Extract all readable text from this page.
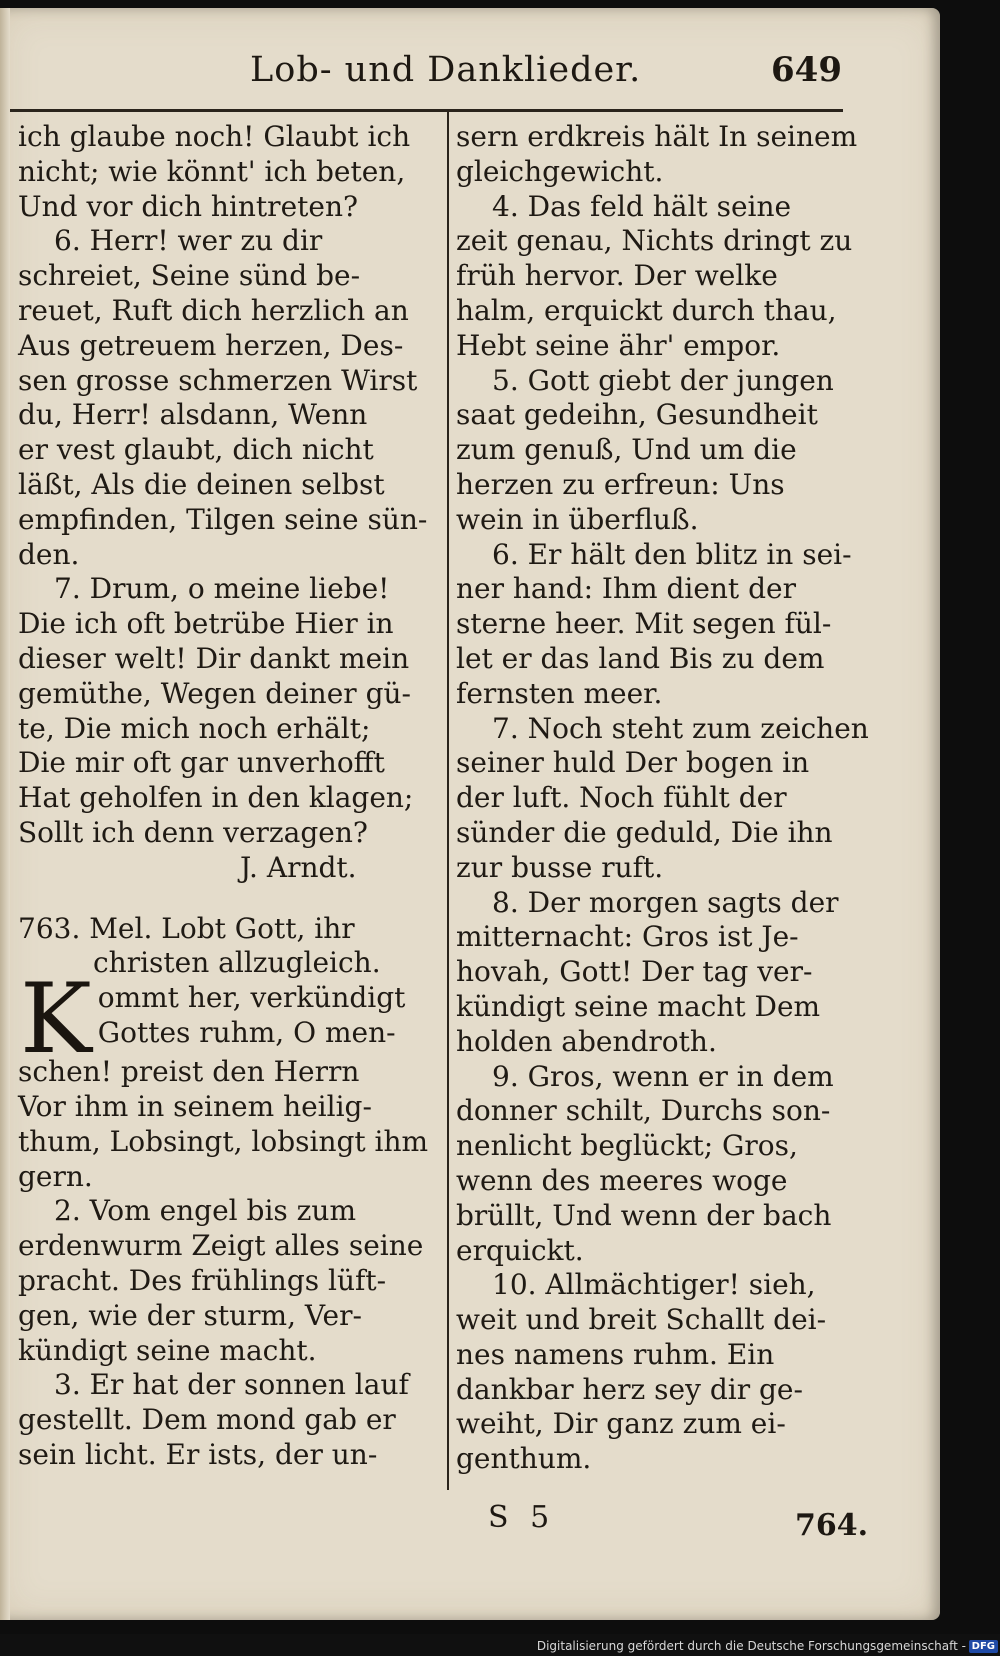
Lob- und Danklieder.	649
ich glaube noch! Glaubt ich
nicht; wie könnt' ich beten,
Und vor dich hintreten?
6. Herr! wer zu dir
schreiet, Seine sünd be-
reuet, Ruft dich herzlich an
Aus getreuem herzen, Des-
sen grosse schmerzen Wirst
du, Herr! alsdann, Wenn
er vest glaubt, dich nicht
läßt, Als die deinen selbst
empfinden, Tilgen seine sün-
den.
7. Drum, o meine liebe!
Die ich oft betrübe Hier in
dieser welt! Dir dankt mein
gemüthe, Wegen deiner gü-
te, Die mich noch erhält;
Die mir oft gar unverhofft
Hat geholfen in den klagen;
Sollt ich denn verzagen?
J. Arndt.
763. Mel. Lobt Gott, ihr
christen allzugleich.
K ommt her, verkündigt
Gottes ruhm, O men-
schen! preist den Herrn
Vor ihm in seinem heilig-
thum, Lobsingt, lobsingt ihm
gern.
2. Vom engel bis zum
erdenwurm Zeigt alles seine
pracht. Des frühlings lüft-
gen, wie der sturm, Ver-
kündigt seine macht.
3. Er hat der sonnen lauf
gestellt. Dem mond gab er
sein licht. Er ists, der un-
sern erdkreis hält In seinem
gleichgewicht.
4. Das feld hält seine
zeit genau, Nichts dringt zu
früh hervor. Der welke
halm, erquickt durch thau,
Hebt seine ähr' empor.
5. Gott giebt der jungen
saat gedeihn, Gesundheit
zum genuß, Und um die
herzen zu erfreun: Uns
wein in überfluß.
6. Er hält den blitz in sei-
ner hand: Ihm dient der
sterne heer. Mit segen fül-
let er das land Bis zu dem
fernsten meer.
7. Noch steht zum zeichen
seiner huld Der bogen in
der luft. Noch fühlt der
sünder die geduld, Die ihn
zur busse ruft.
8. Der morgen sagts der
mitternacht: Gros ist Je-
hovah, Gott! Der tag ver-
kündigt seine macht Dem
holden abendroth.
9. Gros, wenn er in dem
donner schilt, Durchs son-
nenlicht beglückt; Gros,
wenn des meeres woge
brüllt, Und wenn der bach
erquickt.
10. Allmächtiger! sieh,
weit und breit Schallt dei-
nes namens ruhm. Ein
dankbar herz sey dir ge-
weiht, Dir ganz zum ei-
genthum.
S 5	764.
Digitalisierung gefördert durch die Deutsche Forschungsgemeinschaft - DFG
